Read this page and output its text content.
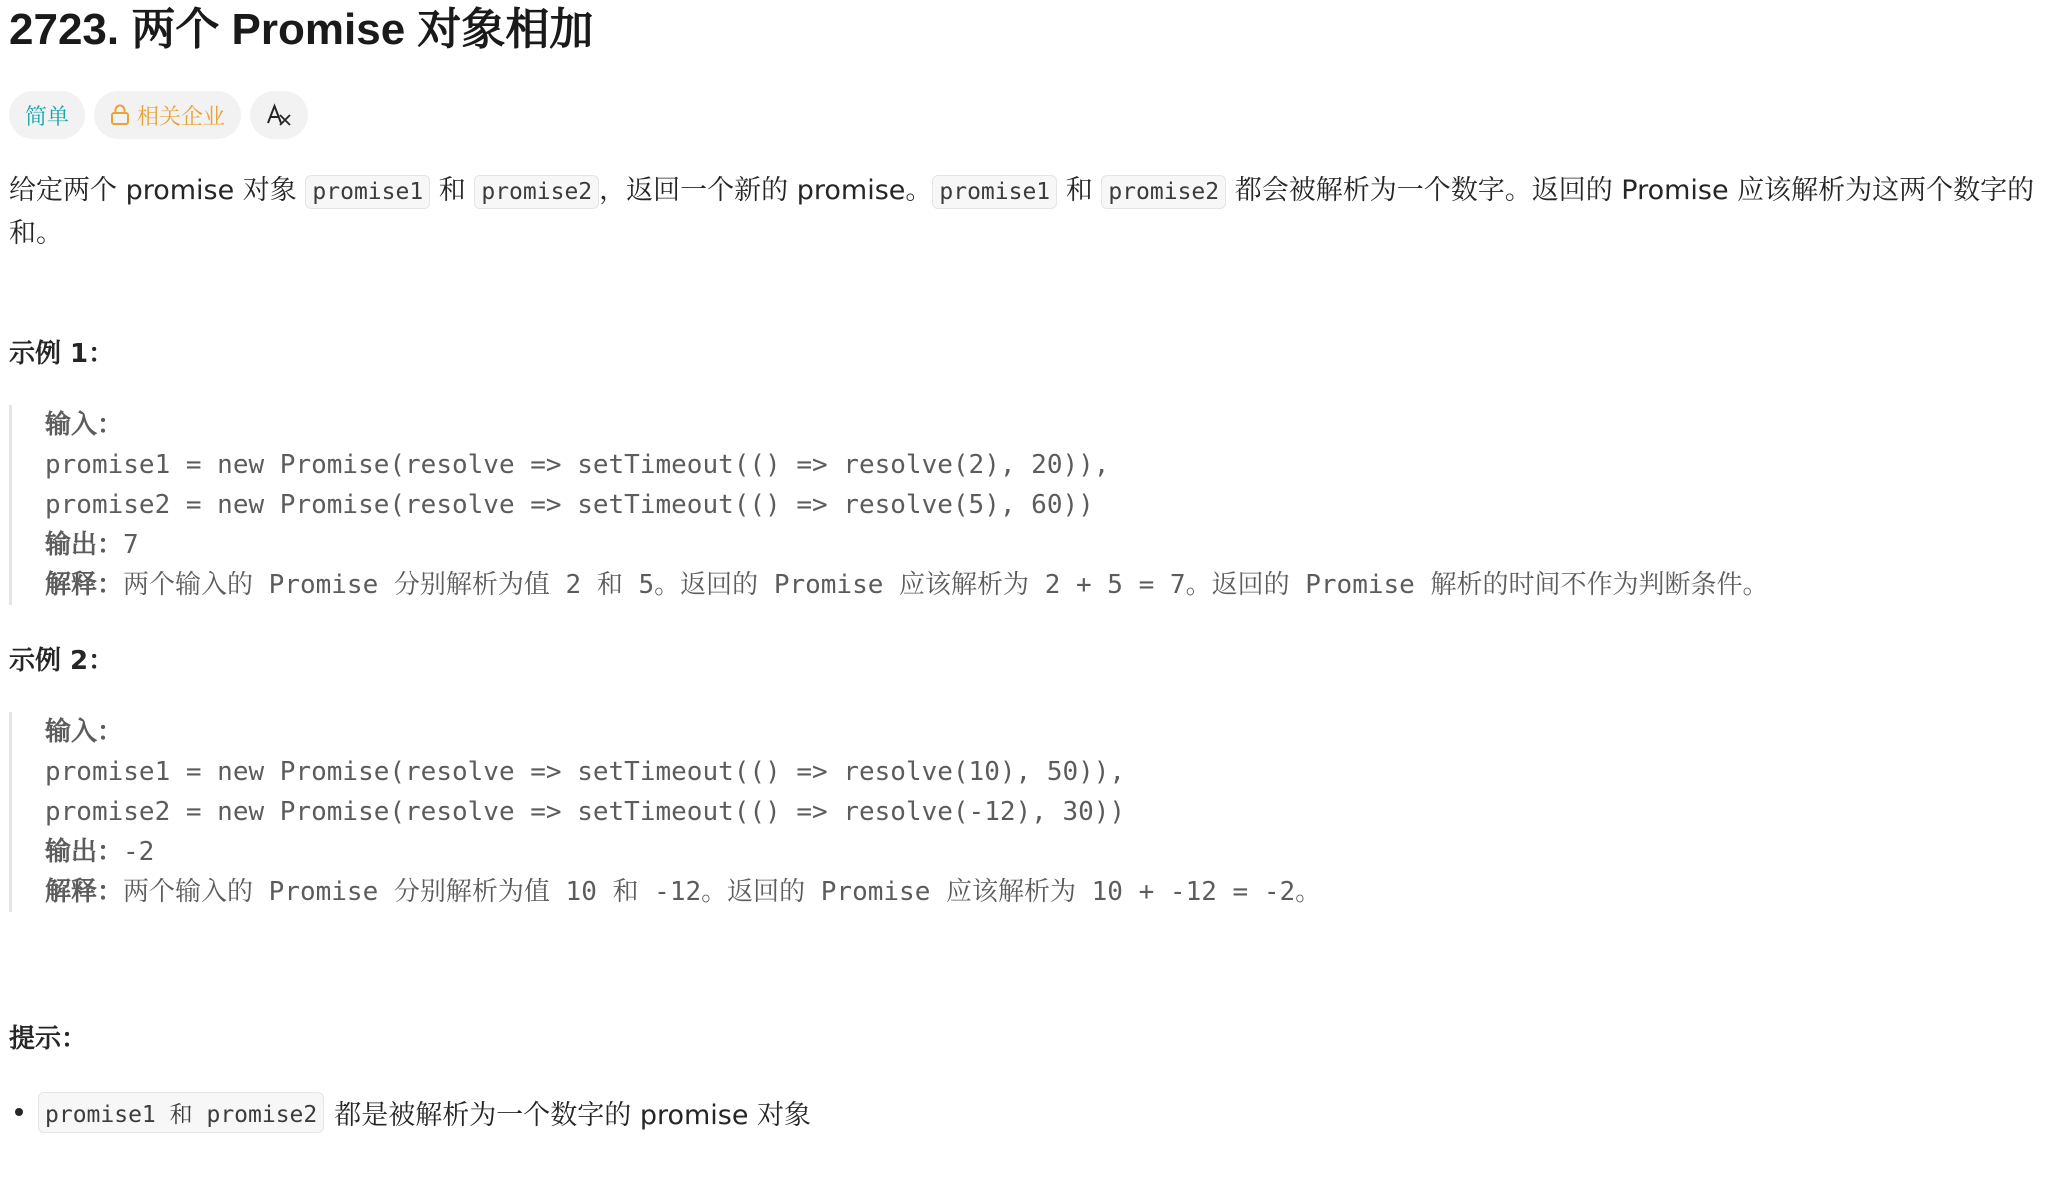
2723. 两个 Promise 对象相加
简单	相关企业

给定两个 promise 对象 promise1 和 promise2 ，返回一个新的 promise。 promise1 和 promise2 都会被解析为一个数字。返回的 Promise 应该解析为这两个数字的和。

示例 1：
输入：
promise1 = new Promise(resolve => setTimeout(() => resolve(2), 20)),
promise2 = new Promise(resolve => setTimeout(() => resolve(5), 60))
输出：7
解释：两个输入的 Promise 分别解析为值 2 和 5。返回的 Promise 应该解析为 2 + 5 = 7。返回的 Promise 解析的时间不作为判断条件。
示例 2：
输入：
promise1 = new Promise(resolve => setTimeout(() => resolve(10), 50)),
promise2 = new Promise(resolve => setTimeout(() => resolve(-12), 30))
输出：-2
解释：两个输入的 Promise 分别解析为值 10 和 -12。返回的 Promise 应该解析为 10 + -12 = -2。
提示：
promise1 和 promise2 都是被解析为一个数字的 promise 对象
